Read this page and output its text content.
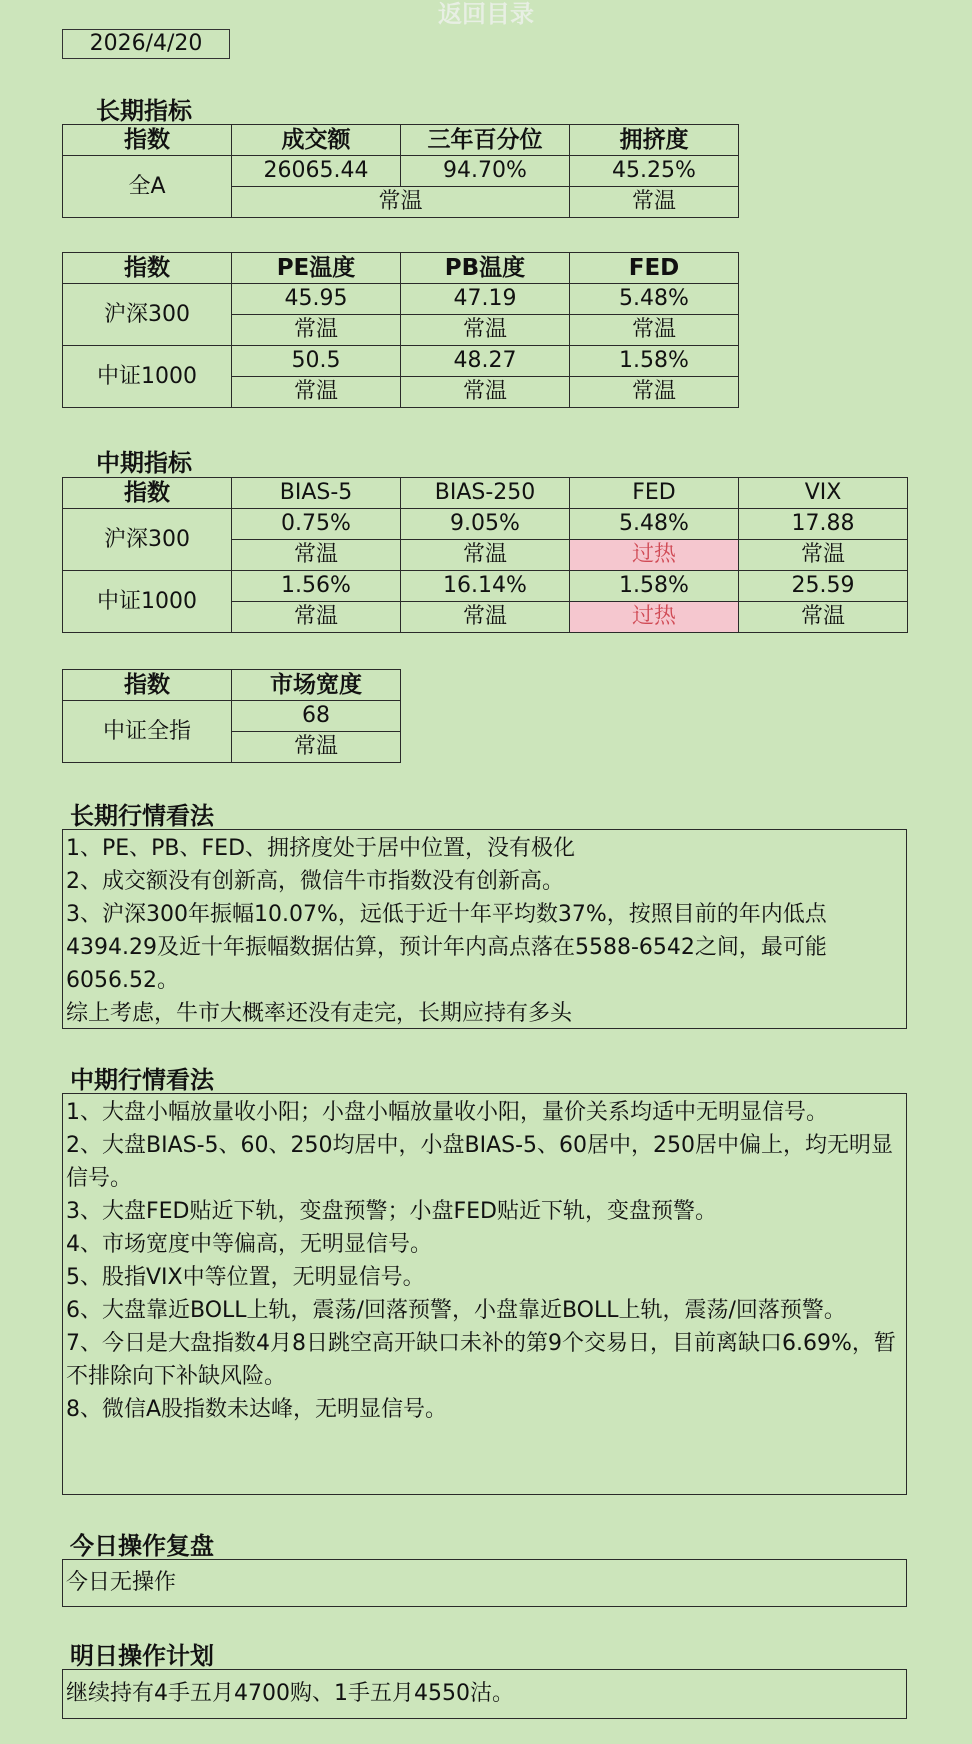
返回目录
2026/4/20
长期指标
指数	成交额	三年百分位	拥挤度
全A	26065.44	94.70%	45.25%
	常温		常温
指数	PE温度	PB温度	FED
沪深300	45.95	47.19	5.48%
	常温	常温	常温
中证1000	50.5	48.27	1.58%
	常温	常温	常温
中期指标
指数	BIAS-5	BIAS-250	FED	VIX
沪深300	0.75%	9.05%	5.48%	17.88
	常温	常温	过热	常温
中证1000	1.56%	16.14%	1.58%	25.59
	常温	常温	过热	常温
指数	市场宽度
中证全指	68
	常温
长期行情看法

1、PE、PB、FED、拥挤度处于居中位置，没有极化

2、成交额没有创新高，微信牛市指数没有创新高。

3、沪深300年振幅10.07%，远低于近十年平均数37%，按照目前的年内低点4394.29及近十年振幅数据估算，预计年内高点落在5588-6542之间，最可能6056.52。

综上考虑，牛市大概率还没有走完，长期应持有多头

中期行情看法

1、大盘小幅放量收小阳；小盘小幅放量收小阳，量价关系均适中无明显信号。

2、大盘BIAS-5、60、250均居中，小盘BIAS-5、60居中，250居中偏上，均无明显信号。

3、大盘FED贴近下轨，变盘预警；小盘FED贴近下轨，变盘预警。

4、市场宽度中等偏高，无明显信号。

5、股指VIX中等位置，无明显信号。

6、大盘靠近BOLL上轨，震荡/回落预警，小盘靠近BOLL上轨，震荡/回落预警。

7、今日是大盘指数4月8日跳空高开缺口未补的第9个交易日，目前离缺口6.69%，暂不排除向下补缺风险。

8、微信A股指数未达峰，无明显信号。

今日操作复盘

今日无操作

明日操作计划

继续持有4手五月4700购、1手五月4550沽。
